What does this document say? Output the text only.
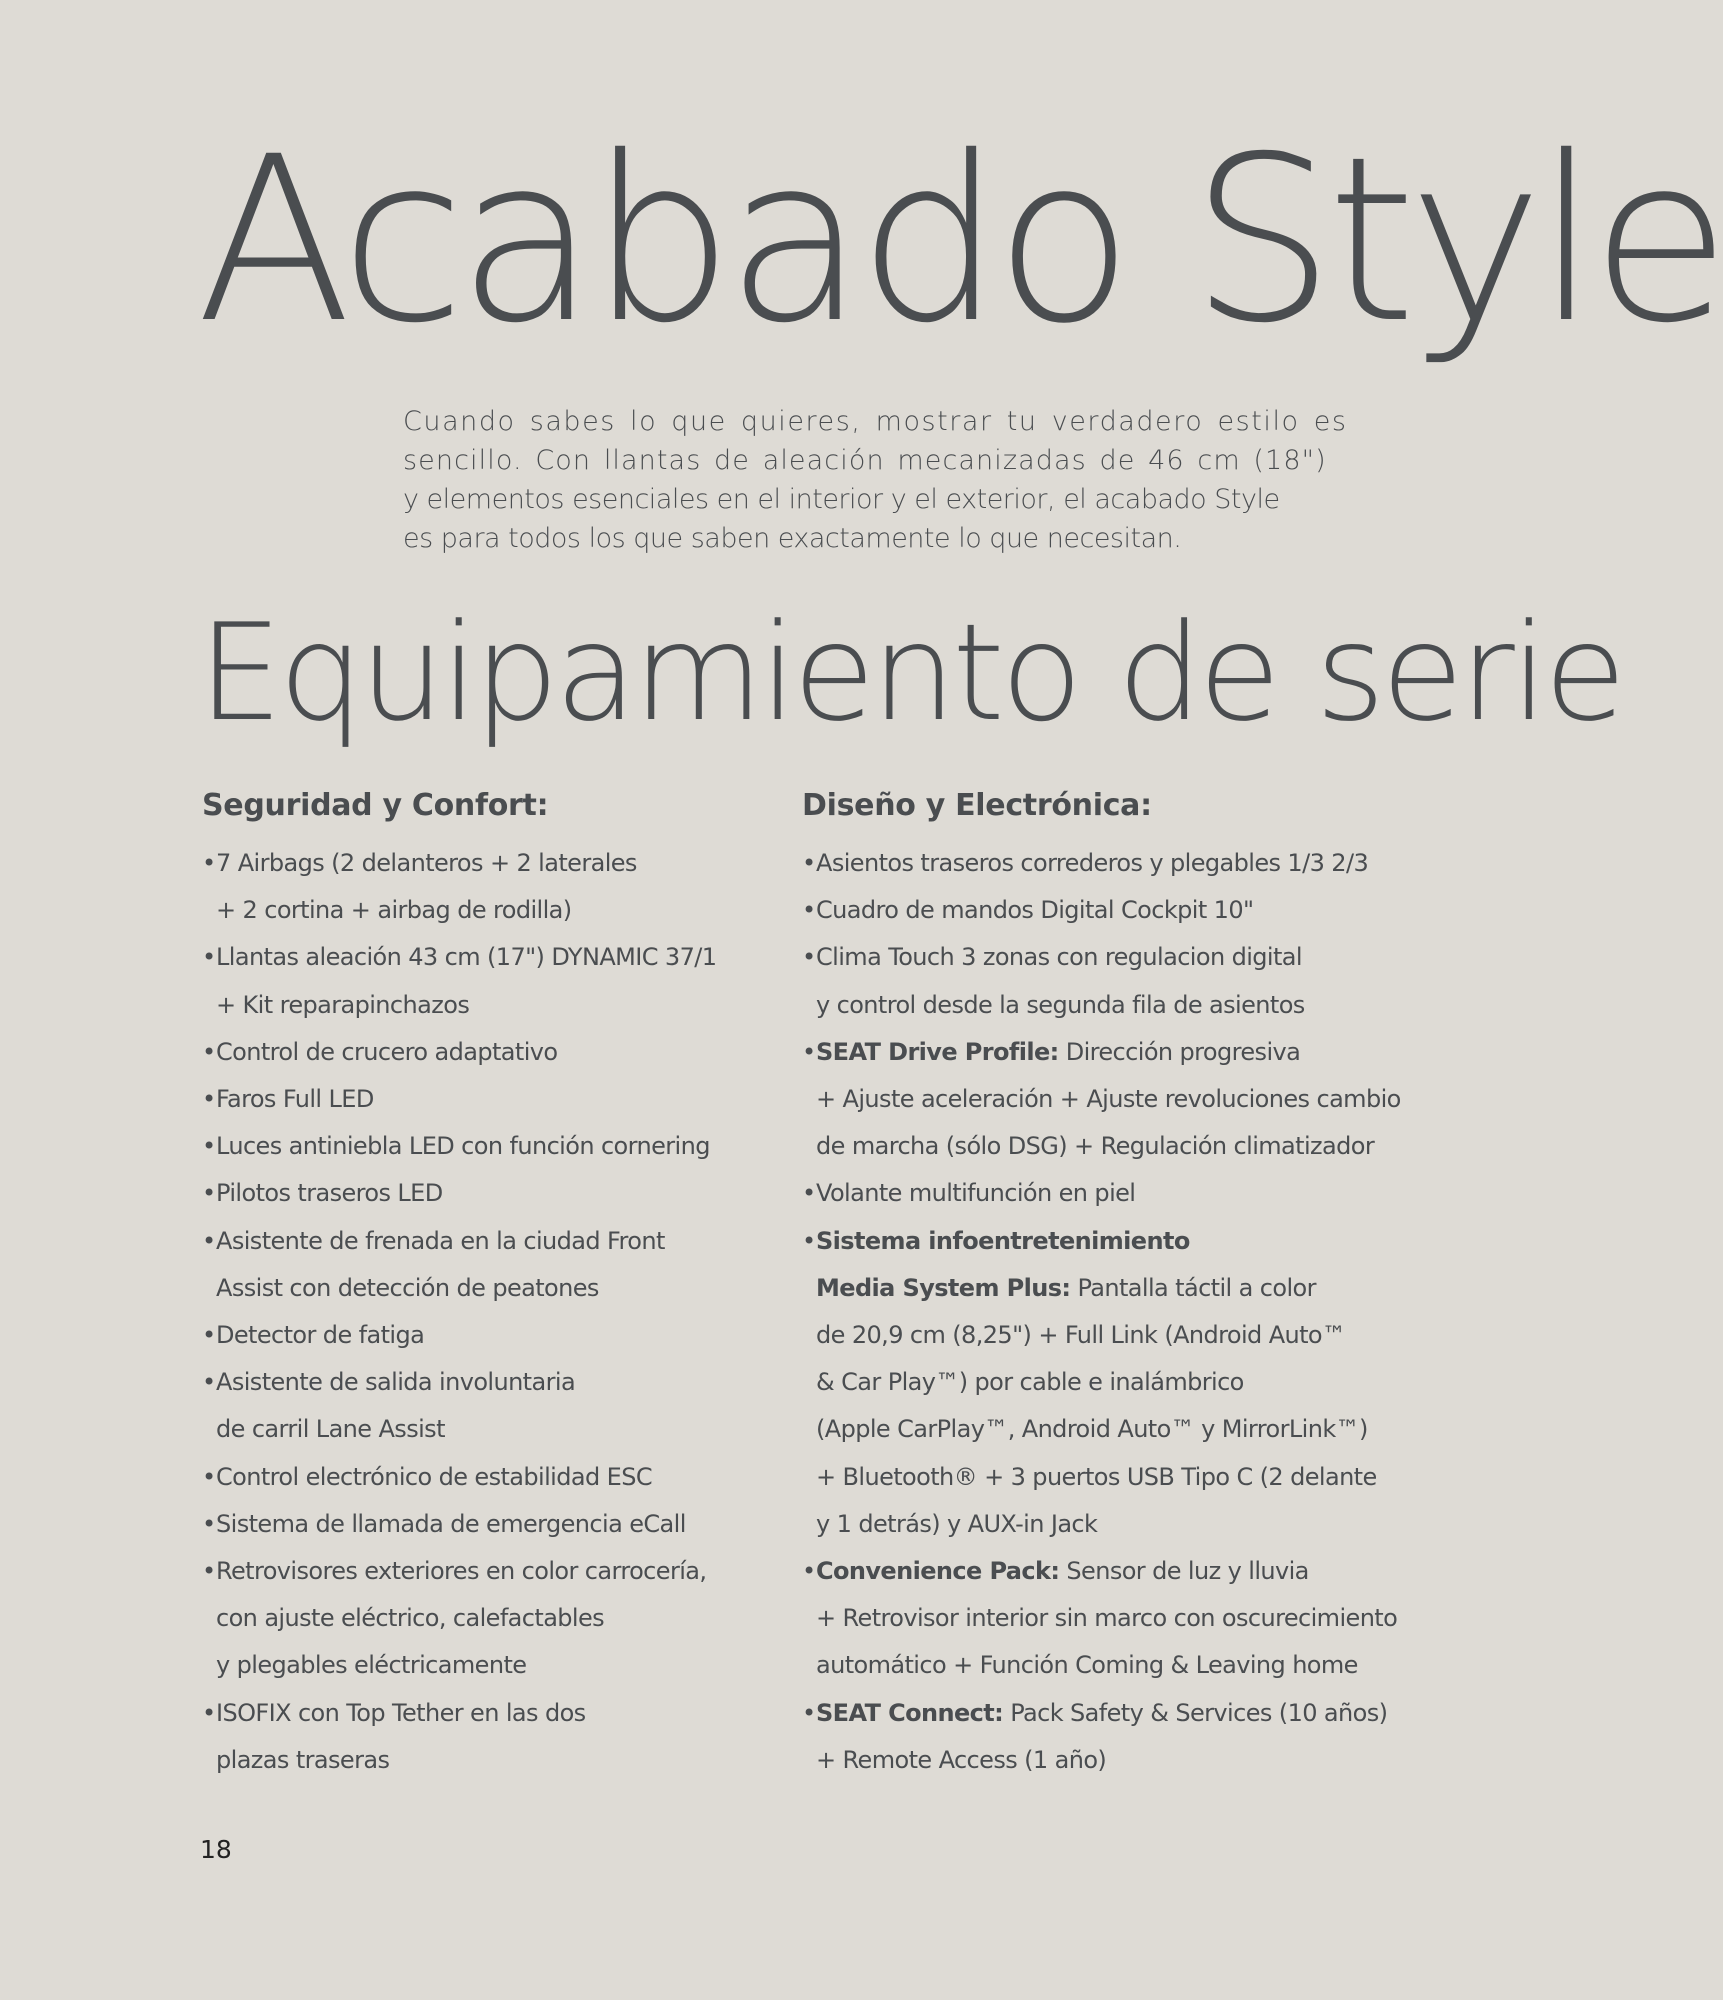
Acabado Style

Cuando sabes lo que quieres, mostrar tu verdadero estilo es

sencillo. Con llantas de aleación mecanizadas de 46 cm (18")

y elementos esenciales en el interior y el exterior, el acabado Style

es para todos los que saben exactamente lo que necesitan.

Equipamiento de serie
Seguridad y Confort:
•7 Airbags (2 delanteros + 2 laterales
+ 2 cortina + airbag de rodilla)
•Llantas aleación 43 cm (17") DYNAMIC 37/1
+ Kit reparapinchazos
•Control de crucero adaptativo
•Faros Full LED
•Luces antiniebla LED con función cornering
•Pilotos traseros LED
•Asistente de frenada en la ciudad Front
Assist con detección de peatones
•Detector de fatiga
•Asistente de salida involuntaria
de carril Lane Assist
•Control electrónico de estabilidad ESC
•Sistema de llamada de emergencia eCall
•Retrovisores exteriores en color carrocería,
con ajuste eléctrico, calefactables
y plegables eléctricamente
•ISOFIX con Top Tether en las dos
plazas traseras
Diseño y Electrónica:
•Asientos traseros correderos y plegables 1/3 2/3
•Cuadro de mandos Digital Cockpit 10"
•Clima Touch 3 zonas con regulacion digital
y control desde la segunda fila de asientos
•SEAT Drive Profile: Dirección progresiva
+ Ajuste aceleración + Ajuste revoluciones cambio
de marcha (sólo DSG) + Regulación climatizador
•Volante multifunción en piel
•Sistema infoentretenimiento
Media System Plus: Pantalla táctil a color
de 20,9 cm (8,25") + Full Link (Android Auto™
& Car Play™) por cable e inalámbrico
(Apple CarPlay™, Android Auto™ y MirrorLink™)
+ Bluetooth® + 3 puertos USB Tipo C (2 delante
y 1 detrás) y AUX-in Jack
•Convenience Pack: Sensor de luz y lluvia
+ Retrovisor interior sin marco con oscurecimiento
automático + Función Coming & Leaving home
•SEAT Connect: Pack Safety & Services (10 años)
+ Remote Access (1 año)
18
